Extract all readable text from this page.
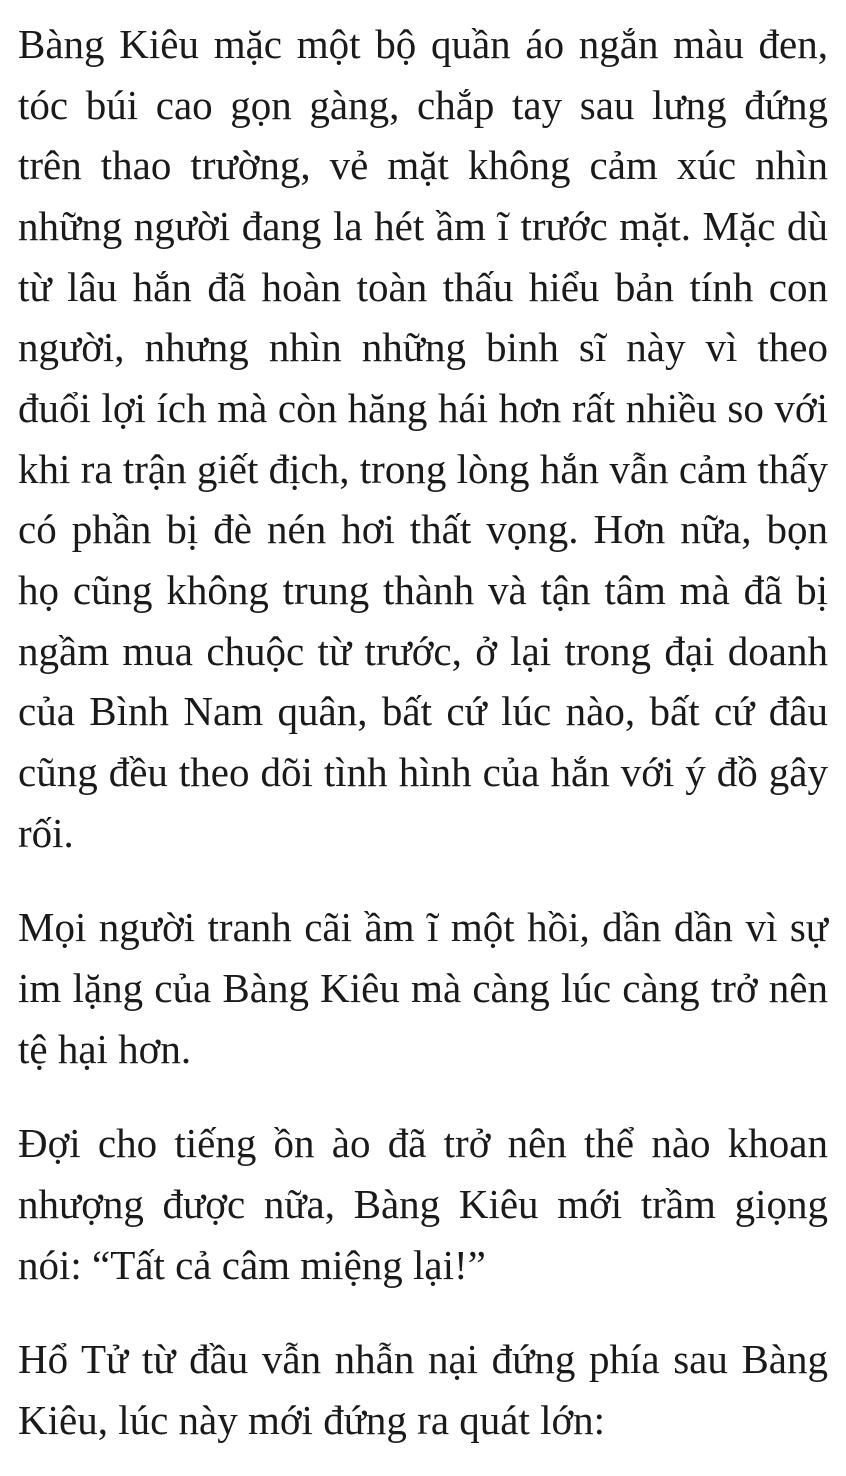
Bàng Kiêu mặc một bộ quần áo ngắn màu đen, tóc búi cao gọn gàng, chắp tay sau lưng đứng trên thao trường, vẻ mặt không cảm xúc nhìn những người đang la hét ầm ĩ trước mặt. Mặc dù từ lâu hắn đã hoàn toàn thấu hiểu bản tính con người, nhưng nhìn những binh sĩ này vì theo đuổi lợi ích mà còn hăng hái hơn rất nhiều so với khi ra trận giết địch, trong lòng hắn vẫn cảm thấy có phần bị đè nén hơi thất vọng. Hơn nữa, bọn họ cũng không trung thành và tận tâm mà đã bị ngầm mua chuộc từ trước, ở lại trong đại doanh của Bình Nam quân, bất cứ lúc nào, bất cứ đâu cũng đều theo dõi tình hình của hắn với ý đồ gây rối.

Mọi người tranh cãi ầm ĩ một hồi, dần dần vì sự im lặng của Bàng Kiêu mà càng lúc càng trở nên tệ hại hơn.

Đợi cho tiếng ồn ào đã trở nên thể nào khoan nhượng được nữa, Bàng Kiêu mới trầm giọng nói: “Tất cả câm miệng lại!”

Hổ Tử từ đầu vẫn nhẫn nại đứng phía sau Bàng Kiêu, lúc này mới đứng ra quát lớn:
